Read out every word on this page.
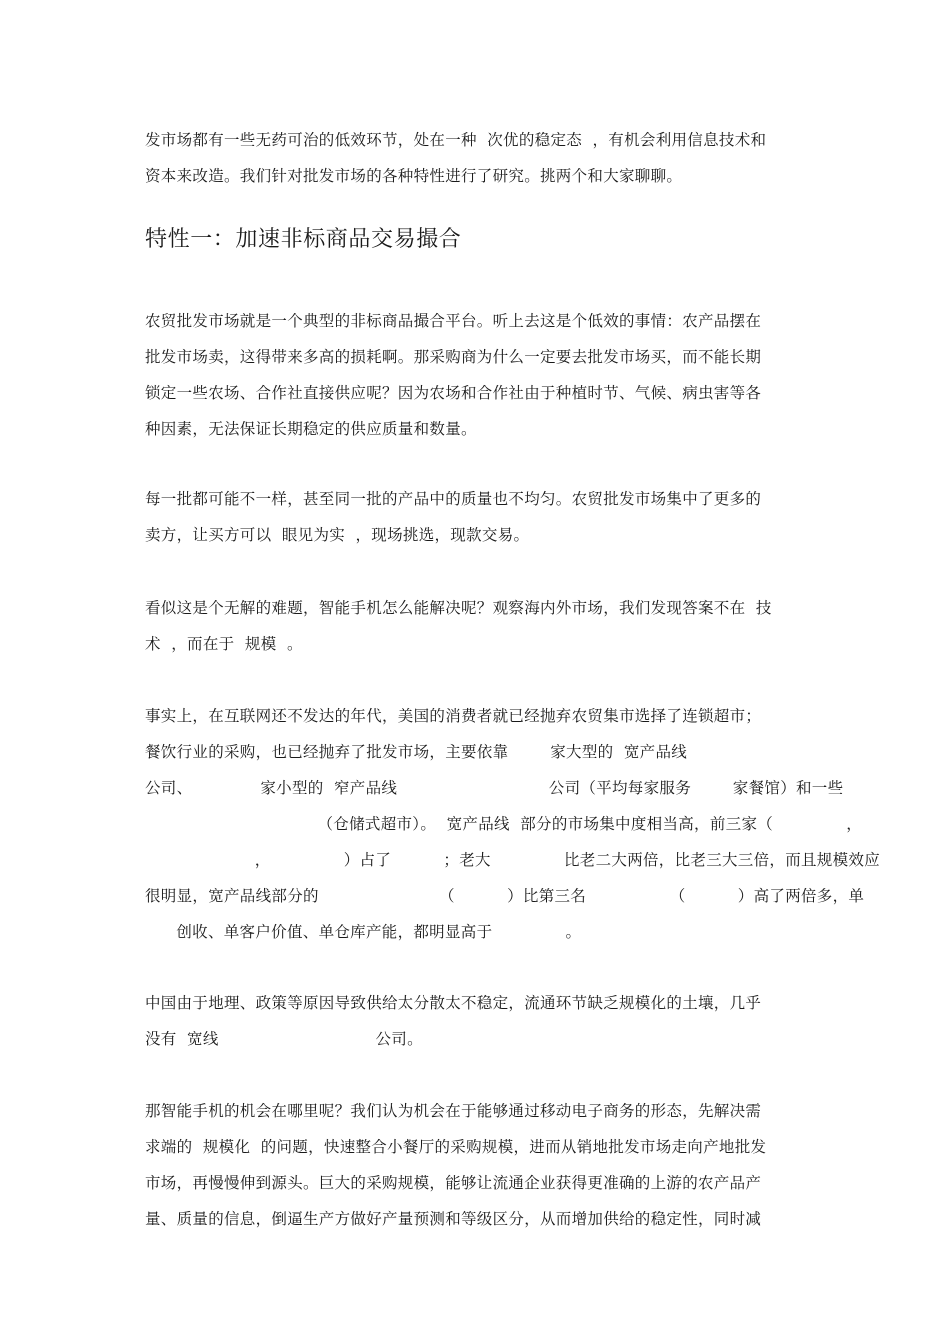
发市场都有一些无药可治的低效环节，处在一种  次优的稳定态  ，有机会利用信息技术和
资本来改造。我们针对批发市场的各种特性进行了研究。挑两个和大家聊聊。
特性一：加速非标商品交易撮合
农贸批发市场就是一个典型的非标商品撮合平台。听上去这是个低效的事情：农产品摆在
批发市场卖，这得带来多高的损耗啊。那采购商为什么一定要去批发市场买，而不能长期
锁定一些农场、合作社直接供应呢？因为农场和合作社由于种植时节、气候、病虫害等各
种因素，无法保证长期稳定的供应质量和数量。
每一批都可能不一样，甚至同一批的产品中的质量也不均匀。农贸批发市场集中了更多的
卖方，让买方可以  眼见为实  ，现场挑选，现款交易。
看似这是个无解的难题，智能手机怎么能解决呢？观察海内外市场，我们发现答案不在  技
术  ，而在于  规模  。
事实上，在互联网还不发达的年代，美国的消费者就已经抛弃农贸集市选择了连锁超市；
餐饮行业的采购，也已经抛弃了批发市场，主要依靠        家大型的  宽产品线
公司、             家小型的  窄产品线                             公司（平均每家服务        家餐馆）和一些
（仓储式超市）。  宽产品线  部分的市场集中度相当高，前三家（              ，
，              ）占了          ；老大              比老二大两倍，比老三大三倍，而且规模效应
很明显，宽产品线部分的                       （          ）比第三名                （          ）高了两倍多，单
创收、单客户价值、单仓库产能，都明显高于              。
中国由于地理、政策等原因导致供给太分散太不稳定，流通环节缺乏规模化的土壤，几乎
没有  宽线                              公司。
那智能手机的机会在哪里呢？我们认为机会在于能够通过移动电子商务的形态，先解决需
求端的  规模化  的问题，快速整合小餐厅的采购规模，进而从销地批发市场走向产地批发
市场，再慢慢伸到源头。巨大的采购规模，能够让流通企业获得更准确的上游的农产品产
量、质量的信息，倒逼生产方做好产量预测和等级区分，从而增加供给的稳定性，同时减
